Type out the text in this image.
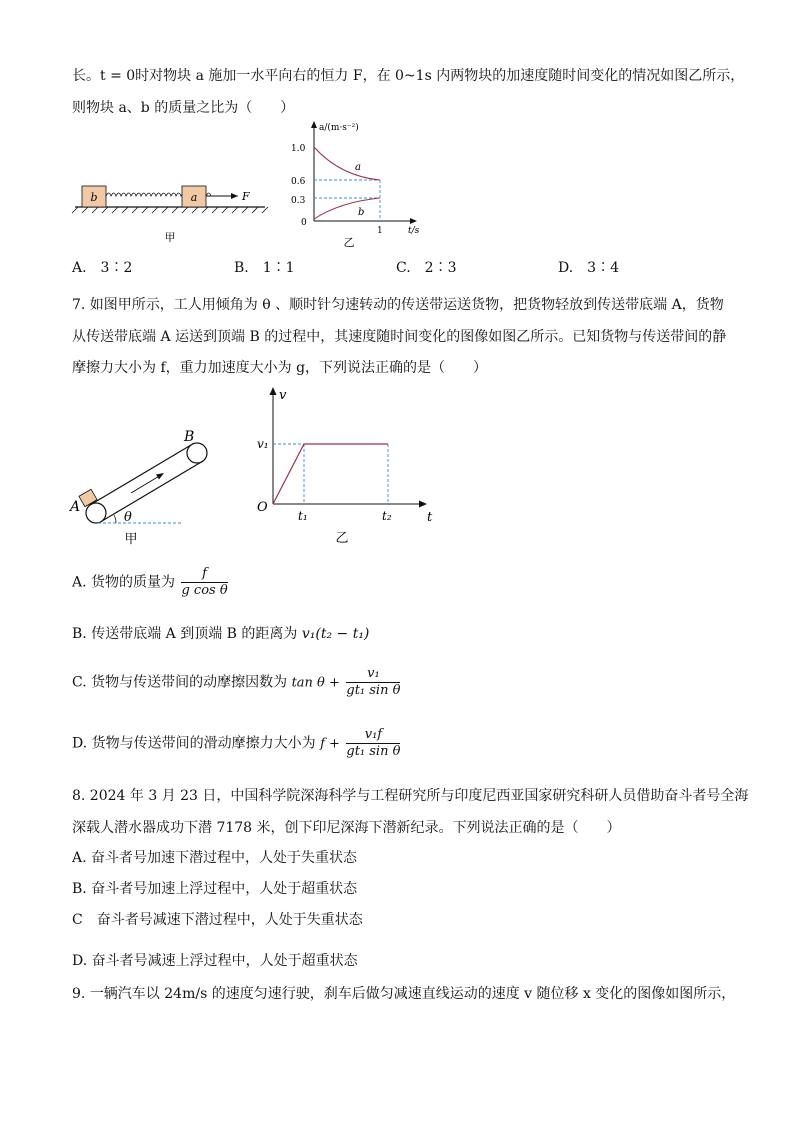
长。t = 0时对物块 a 施加一水平向右的恒力 F，在 0~1s 内两物块的加速度随时间变化的情况如图乙所示，
则物块 a、b 的质量之比为（　　）
b	a	F
甲
a/(m·s⁻²)
1.0
0.6
0.3
0
a
b
1	t/s
乙
A.　3∶2	B.　1∶1	C.　2∶3	D.　3∶4
7. 如图甲所示，工人用倾角为 θ 、顺时针匀速转动的传送带运送货物，把货物轻放到传送带底端 A，货物
从传送带底端 A 运送到顶端 B 的过程中，其速度随时间变化的图像如图乙所示。已知货物与传送带间的静
摩擦力大小为 f，重力加速度大小为 g，下列说法正确的是（　　）
θ
B
A
甲
v
v₁
O
t₁	t₂	t
乙
A. 货物的质量为 $\frac{f}{\text{g cos θ}}$
B. 传送带底端 A 到顶端 B 的距离为 v₁(t₂ − t₁)
C. 货物与传送带间的动摩擦因数为 $\tan \theta + \frac{\text{v₁}}{\text{gt₁ sin θ}}$
D. 货物与传送带间的滑动摩擦力大小为 $f + \frac{\text{v₁f}}{\text{gt₁ sin θ}}$
8. 2024 年 3 月 23 日，中国科学院深海科学与工程研究所与印度尼西亚国家研究科研人员借助奋斗者号全海
深载人潜水器成功下潜 7178 米，创下印尼深海下潜新纪录。下列说法正确的是（　　）
A. 奋斗者号加速下潜过程中，人处于失重状态
B. 奋斗者号加速上浮过程中，人处于超重状态
C　奋斗者号减速下潜过程中，人处于失重状态
D. 奋斗者号减速上浮过程中，人处于超重状态
9. 一辆汽车以 24m/s 的速度匀速行驶，刹车后做匀减速直线运动的速度 v 随位移 x 变化的图像如图所示，
